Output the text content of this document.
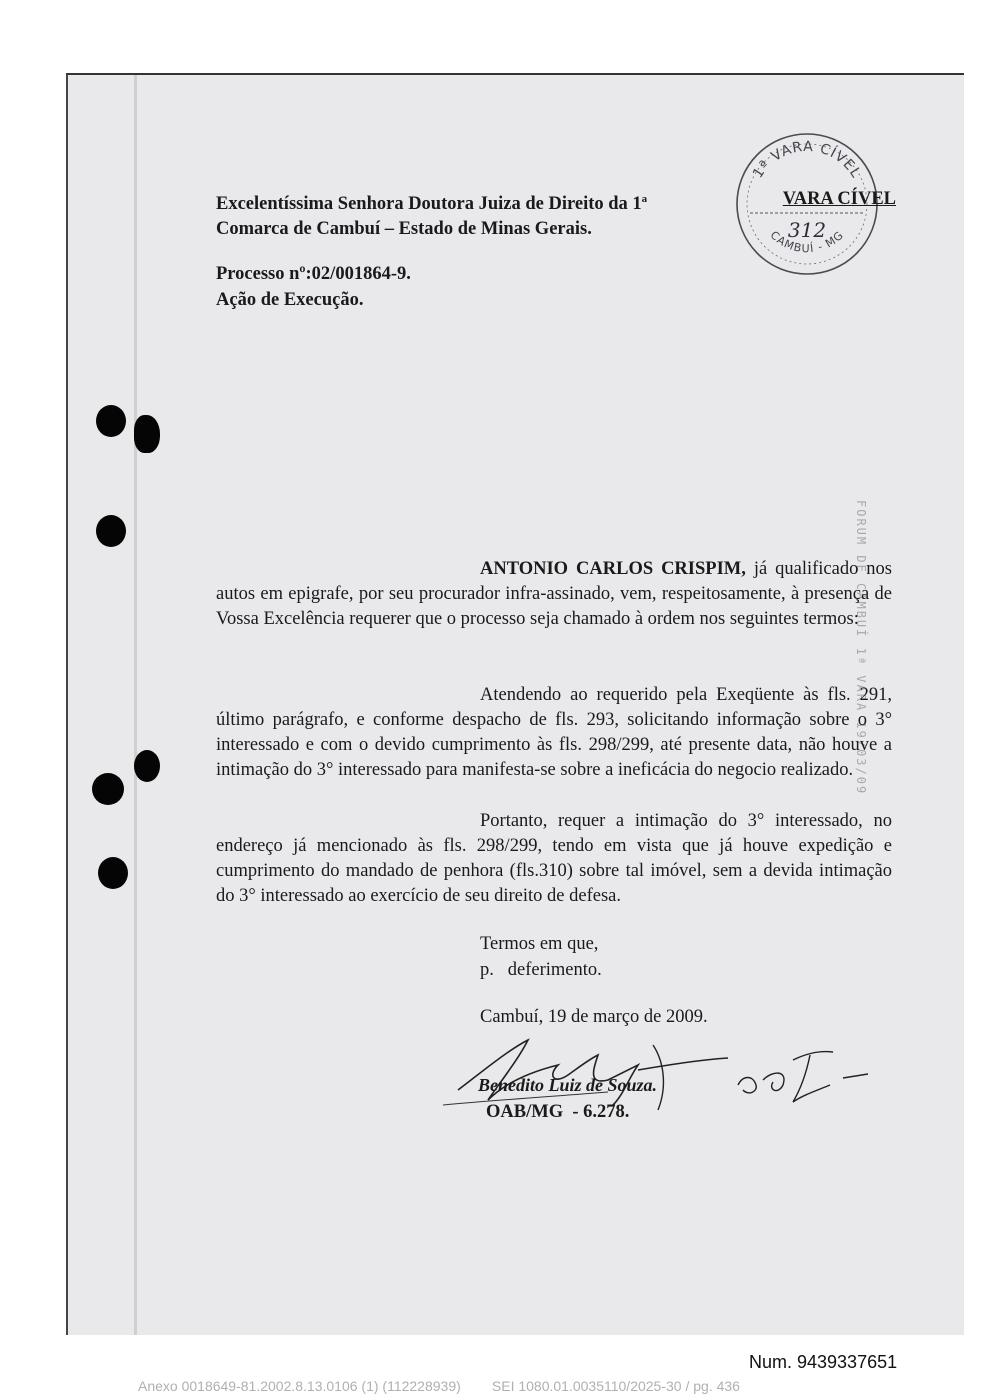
1ª VARA CÍVEL
312
CAMBUÍ - MG
Excelentíssima Senhora Doutora Juiza de Direito da 1$^a$	VARA CÍVEL
Comarca de Cambuí – Estado de Minas Gerais.
Processo nº:02/001864-9.
Ação de Execução.
FORUM DE CAMBUÍ 1ª VARA 19/03/09

ANTONIO CARLOS CRISPIM, já qualificado nos autos em epigrafe, por seu procurador infra-assinado, vem, respeitosamente, à presença de Vossa Excelência requerer que o processo seja chamado à ordem nos seguintes termos:

Atendendo ao requerido pela Exeqüente às fls. 291, último parágrafo, e conforme despacho de fls. 293, solicitando informação sobre o 3° interessado e com o devido cumprimento às fls. 298/299, até presente data, não houve a intimação do 3° interessado para manifesta-se sobre a ineficácia do negocio realizado.

Portanto, requer a intimação do 3° interessado, no endereço já mencionado às fls. 298/299, tendo em vista que já houve expedição e cumprimento do mandado de penhora (fls.310) sobre tal imóvel, sem a devida intimação do 3° interessado ao exercício de seu direito de defesa.

Termos em que,
p.   deferimento.
Cambuí, 19 de março de 2009.
Benedito Luiz de Souza.
OAB/MG  - 6.278.
Num. 9439337651
Anexo 0018649-81.2002.8.13.0106 (1) (112228939)        SEI 1080.01.0035110/2025-30 / pg. 436
